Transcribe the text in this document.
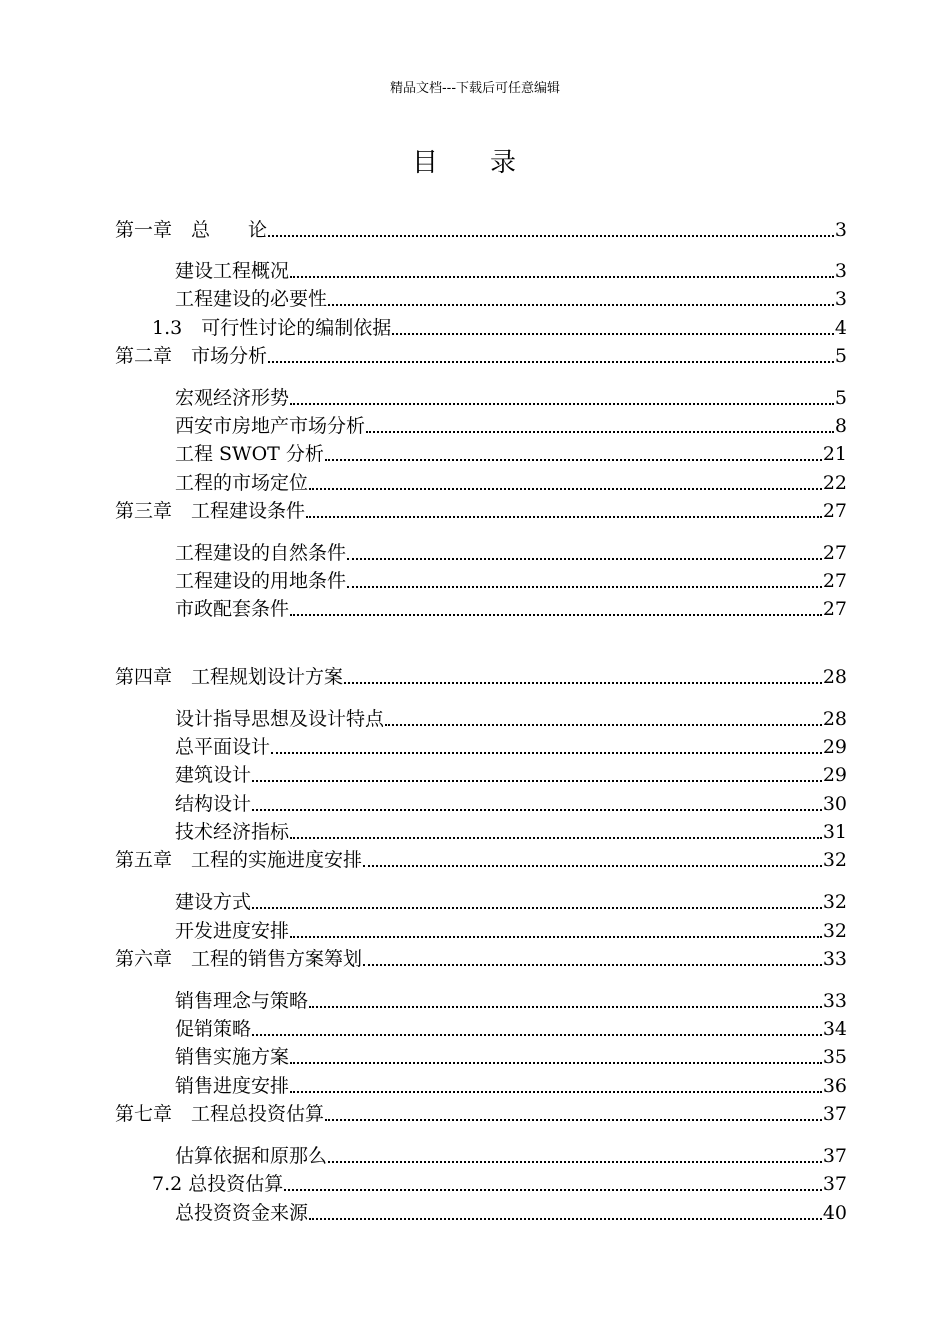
精品文档---下载后可任意编辑
目录
第一章　总　　论	3
建设工程概况	3
工程建设的必要性	3
1.3　可行性讨论的编制依据	4
第二章　市场分析	5
宏观经济形势	5
西安市房地产市场分析	8
工程 SWOT 分析	21
工程的市场定位	22
第三章　工程建设条件	27
工程建设的自然条件	27
工程建设的用地条件	27
市政配套条件	27
第四章　工程规划设计方案	28
设计指导思想及设计特点	28
总平面设计	29
建筑设计	29
结构设计	30
技术经济指标	31
第五章　工程的实施进度安排	32
建设方式	32
开发进度安排	32
第六章　工程的销售方案筹划	33
销售理念与策略	33
促销策略	34
销售实施方案	35
销售进度安排	36
第七章　工程总投资估算	37
估算依据和原那么	37
7.2 总投资估算	37
总投资资金来源	40
